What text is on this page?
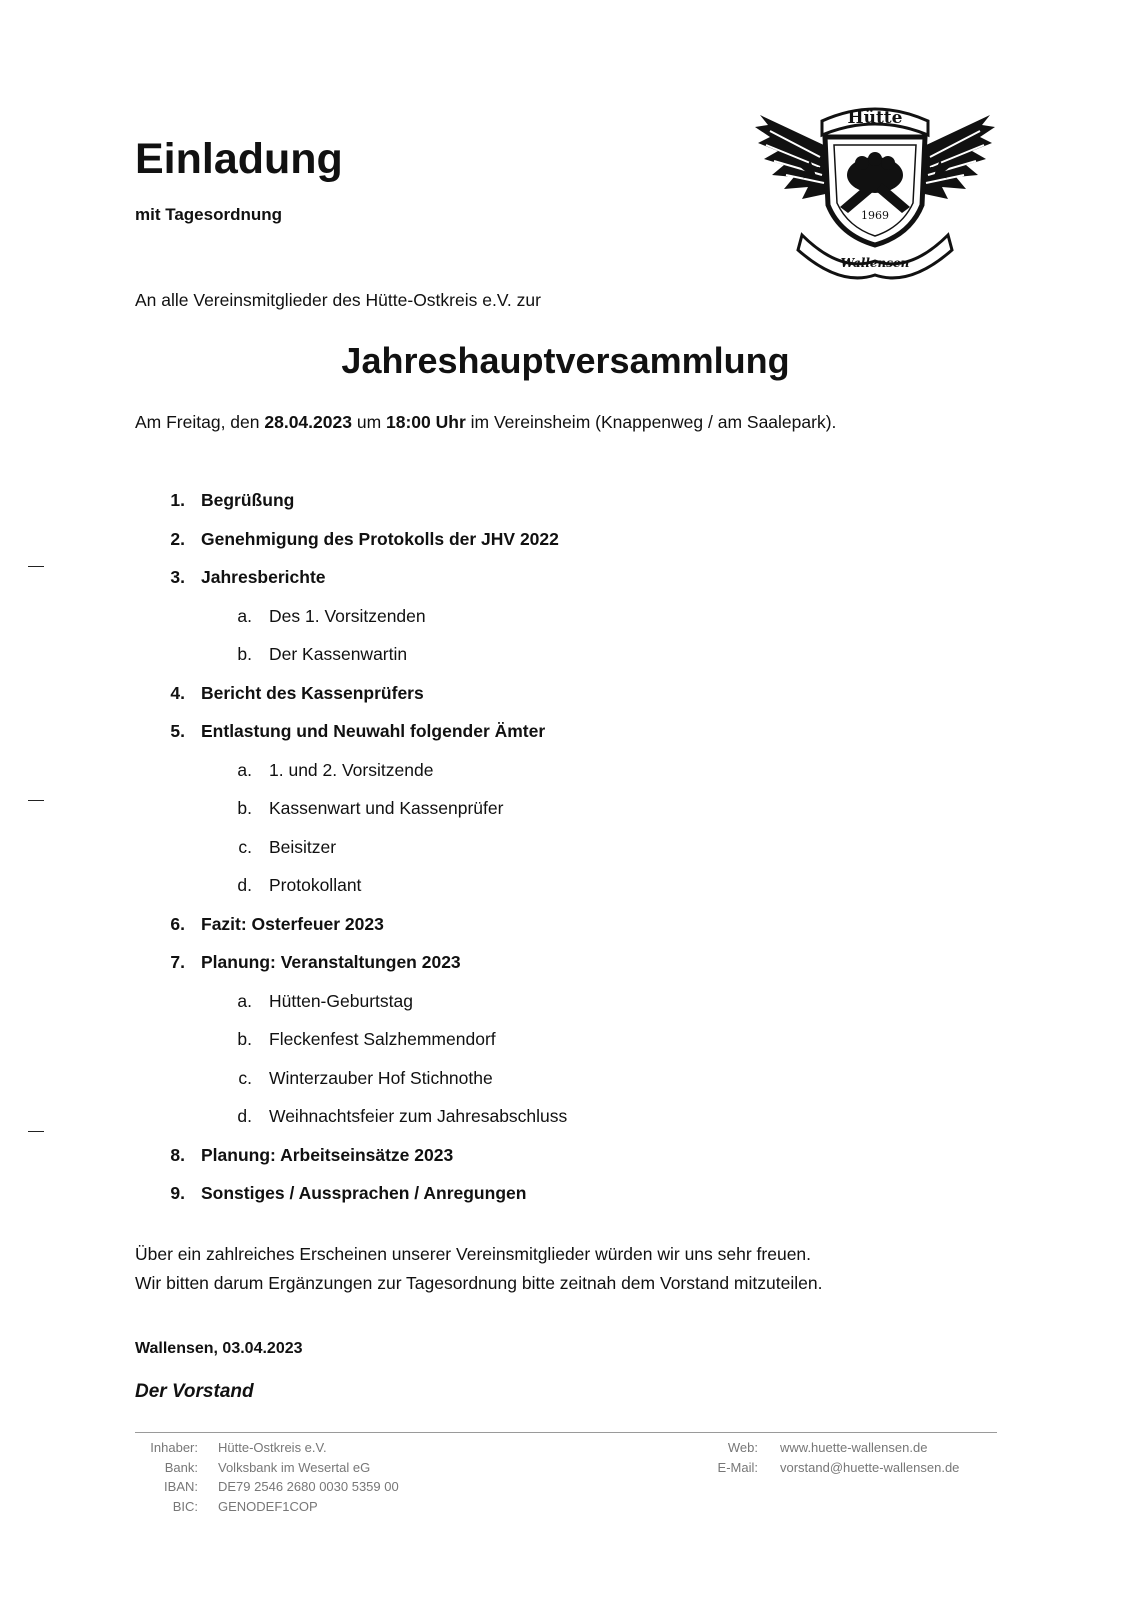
Einladung
mit Tagesordnung	1969
Hütte
Wallensen
An alle Vereinsmitglieder des Hütte-Ostkreis e.V. zur
Jahreshauptversammlung
Am Freitag, den 28.04.2023 um 18:00 Uhr im Vereinsheim (Knappenweg / am Saalepark).
1. Begrüßung
2. Genehmigung des Protokolls der JHV 2022
3. Jahresberichte
a. Des 1. Vorsitzenden
b. Der Kassenwartin
4. Bericht des Kassenprüfers
5. Entlastung und Neuwahl folgender Ämter
a. 1. und 2. Vorsitzende
b. Kassenwart und Kassenprüfer
c. Beisitzer
d. Protokollant
6. Fazit: Osterfeuer 2023
7. Planung: Veranstaltungen 2023
a. Hütten-Geburtstag
b. Fleckenfest Salzhemmendorf
c. Winterzauber Hof Stichnothe
d. Weihnachtsfeier zum Jahresabschluss
8. Planung: Arbeitseinsätze 2023
9. Sonstiges / Aussprachen / Anregungen
Über ein zahlreiches Erscheinen unserer Vereinsmitglieder würden wir uns sehr freuen.
Wir bitten darum Ergänzungen zur Tagesordnung bitte zeitnah dem Vorstand mitzuteilen.
Wallensen, 03.04.2023
Der Vorstand
Inhaber:
Bank:
IBAN:
BIC:
Hütte-Ostkreis e.V.
Volksbank im Wesertal eG
DE79 2546 2680 0030 5359 00
GENODEF1COP
Web:
E-Mail:
www.huette-wallensen.de
vorstand@huette-wallensen.de
